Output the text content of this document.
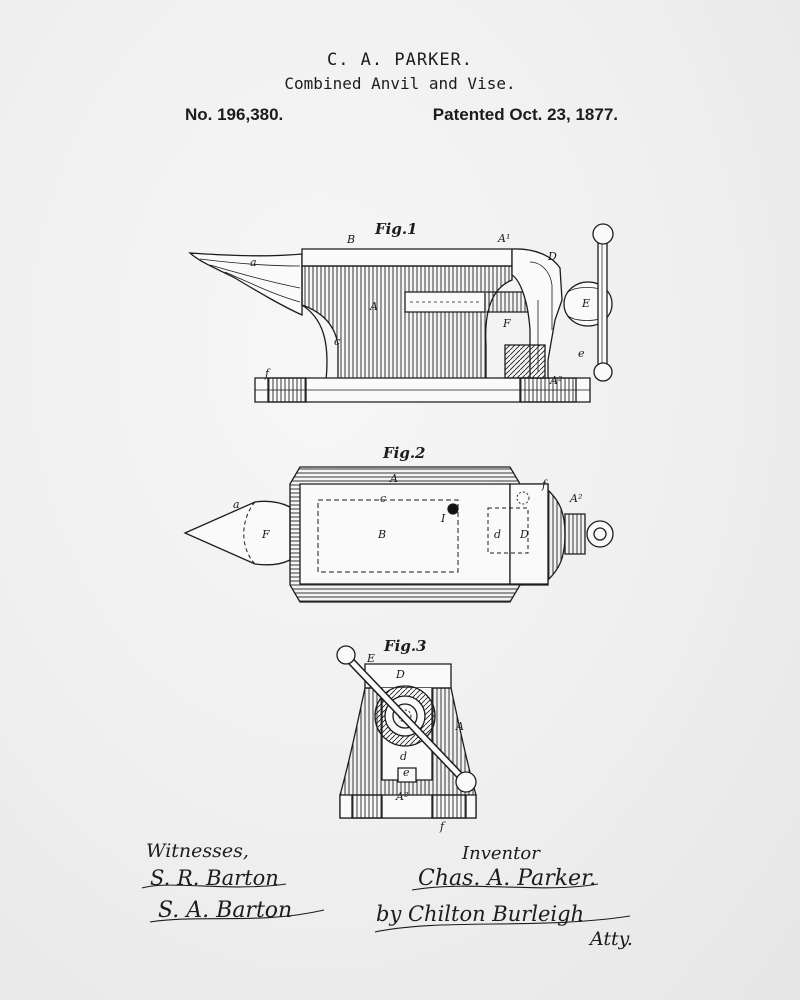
C. A. PARKER.
Combined Anvil and Vise.
No. 196,380.	Patented Oct. 23, 1877.
Fig.1
Fig.2
Fig.3
a
B
A
A¹
D
E
F
c
f
A²
e
a
F	B
c
I
A	f
A²
D
d
E
D
A
d
e
A²
f
Witnesses,
S. R. Barton
S. A. Barton
Inventor
Chas. A. Parker.
by Chilton Burleigh
Atty.
